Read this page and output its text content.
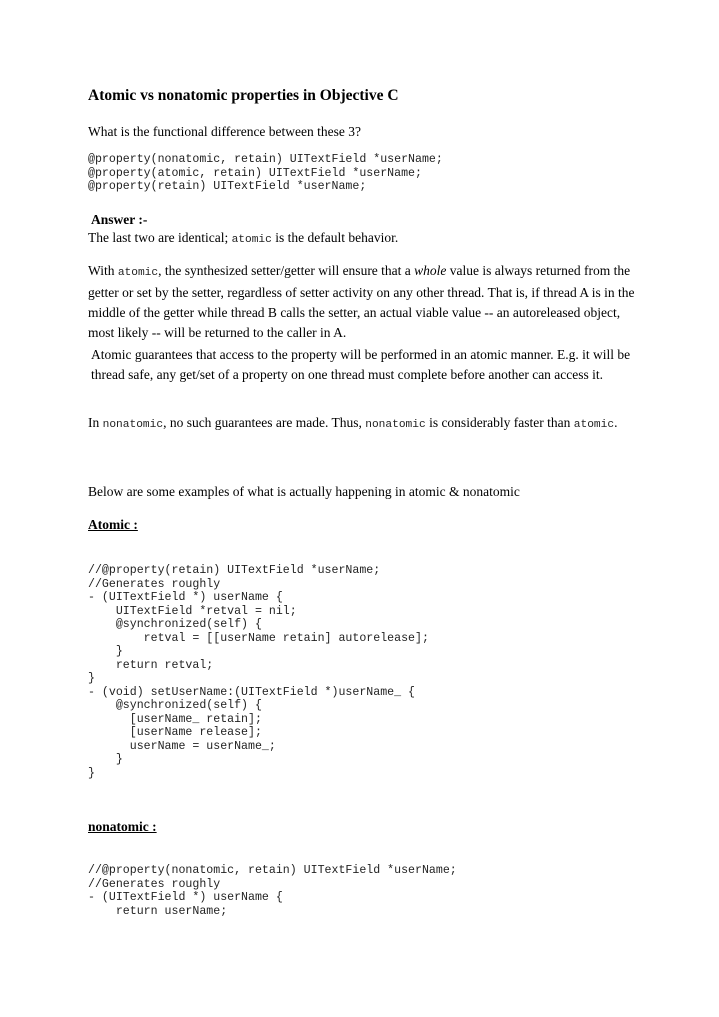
Atomic vs nonatomic properties in Objective C
What is the functional difference between these 3?
@property(nonatomic, retain) UITextField *userName;
@property(atomic, retain) UITextField *userName;
@property(retain) UITextField *userName;
Answer :-
The last two are identical; atomic is the default behavior.
With atomic, the synthesized setter/getter will ensure that a whole value is always returned from the getter or set by the setter, regardless of setter activity on any other thread. That is, if thread A is in the middle of the getter while thread B calls the setter, an actual viable value -- an autoreleased object, most likely -- will be returned to the caller in A.
Atomic guarantees that access to the property will be performed in an atomic manner. E.g. it will be thread safe, any get/set of a property on one thread must complete before another can access it.
In nonatomic, no such guarantees are made. Thus, nonatomic is considerably faster than atomic.
Below are some examples of what is actually happening in atomic & nonatomic
Atomic :
//@property(retain) UITextField *userName;
//Generates roughly
- (UITextField *) userName {
UITextField *retval = nil;
@synchronized(self) {
retval = [[userName retain] autorelease];
}
return retval;
}
- (void) setUserName:(UITextField *)userName_ {
@synchronized(self) {
[userName_ retain];
[userName release];
userName = userName_;
}
}
nonatomic :
//@property(nonatomic, retain) UITextField *userName;
//Generates roughly
- (UITextField *) userName {
return userName;
